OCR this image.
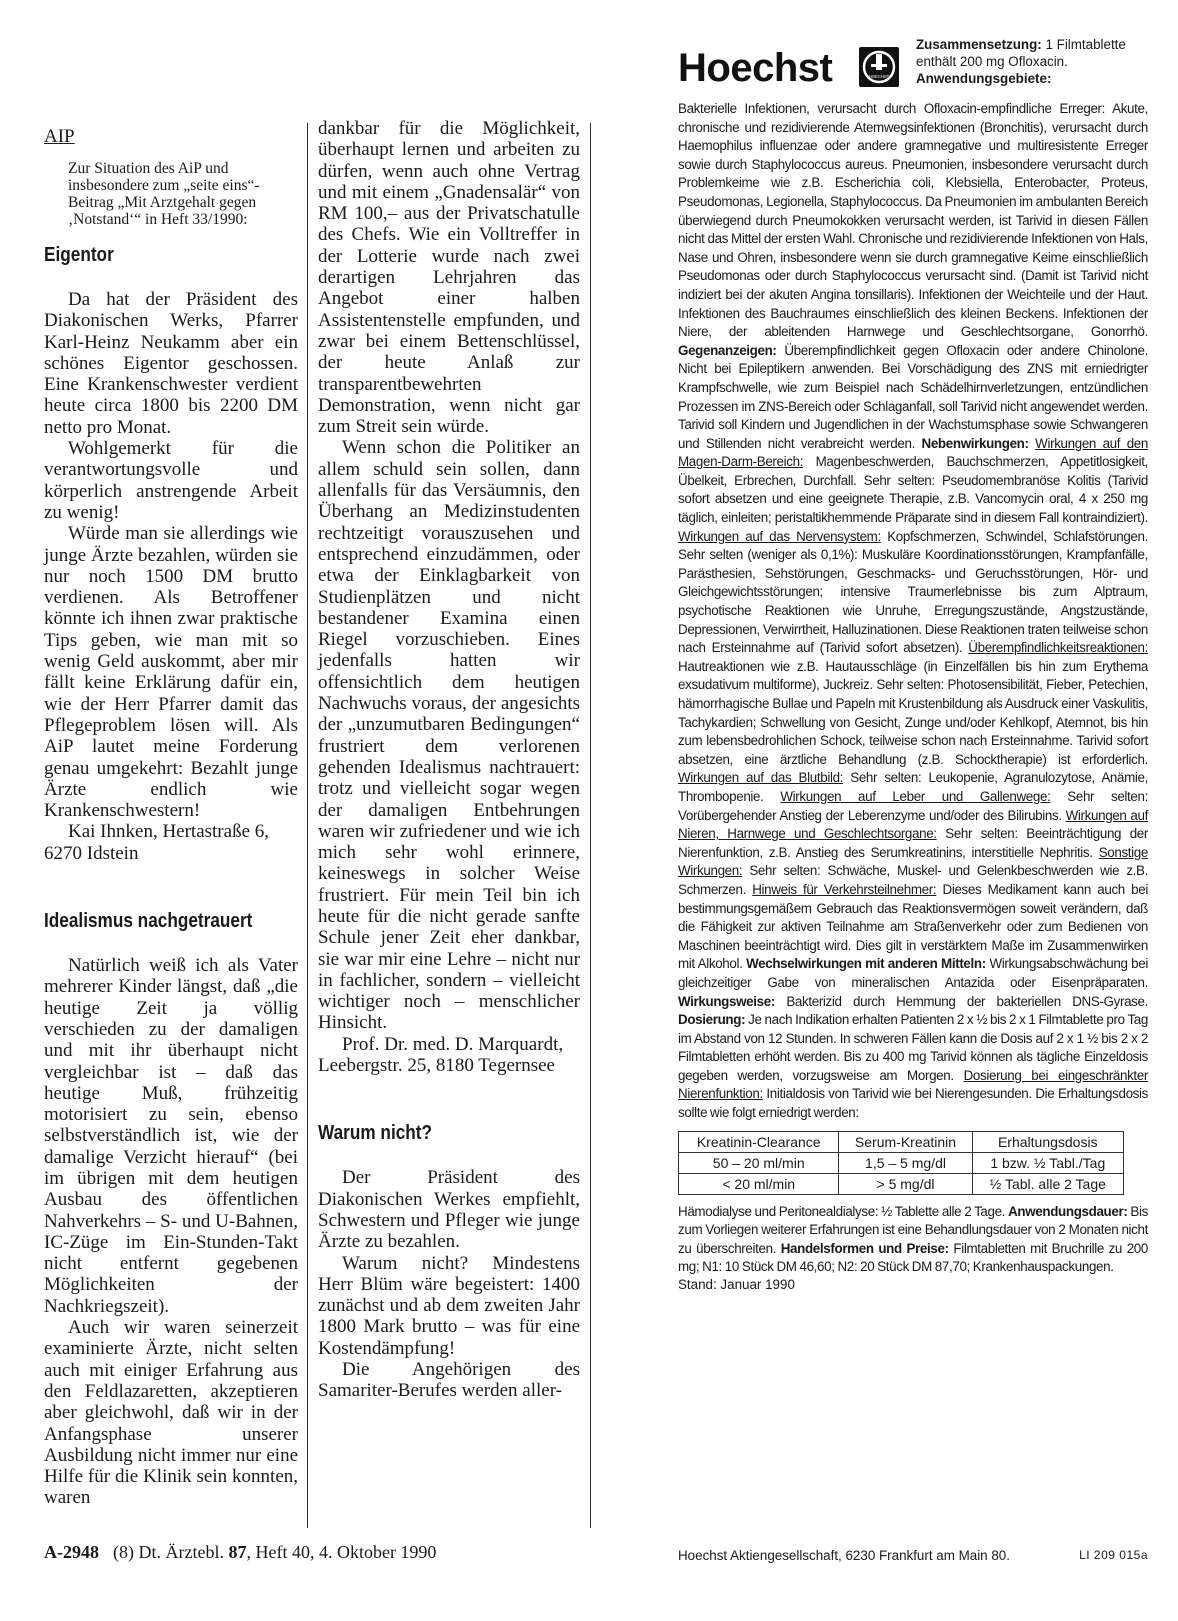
AIP

Zur Situation des AiP und insbesondere zum „seite eins“-Beitrag „Mit Arztgehalt gegen ‚Notstand‘“ in Heft 33/1990:

Eigentor

Da hat der Präsident des Diakonischen Werks, Pfarrer Karl-Heinz Neukamm aber ein schönes Eigentor geschossen. Eine Krankenschwester verdient heute circa 1800 bis 2200 DM netto pro Monat.

Wohlgemerkt für die verantwortungsvolle und körperlich anstrengende Arbeit zu wenig!

Würde man sie allerdings wie junge Ärzte bezahlen, würden sie nur noch 1500 DM brutto verdienen. Als Betroffener könnte ich ihnen zwar praktische Tips geben, wie man mit so wenig Geld auskommt, aber mir fällt keine Erklärung dafür ein, wie der Herr Pfarrer damit das Pflegeproblem lösen will. Als AiP lautet meine Forderung genau umgekehrt: Bezahlt junge Ärzte endlich wie Krankenschwestern!

Kai Ihnken, Hertastraße 6, 6270 Idstein

Idealismus nachgetrauert

Natürlich weiß ich als Vater mehrerer Kinder längst, daß „die heutige Zeit ja völlig verschieden zu der damaligen und mit ihr überhaupt nicht vergleichbar ist – daß das heutige Muß, frühzeitig motorisiert zu sein, ebenso selbstverständlich ist, wie der damalige Verzicht hierauf“ (bei im übrigen mit dem heutigen Ausbau des öffentlichen Nahverkehrs – S- und U-Bahnen, IC-Züge im Ein-Stunden-Takt nicht entfernt gegebenen Möglichkeiten der Nachkriegszeit).

Auch wir waren seinerzeit examinierte Ärzte, nicht selten auch mit einiger Erfahrung aus den Feldlazaretten, akzeptieren aber gleichwohl, daß wir in der Anfangsphase unserer Ausbildung nicht immer nur eine Hilfe für die Klinik sein konnten, waren

dankbar für die Möglichkeit, überhaupt lernen und arbeiten zu dürfen, wenn auch ohne Vertrag und mit einem „Gnadensalär“ von RM 100,– aus der Privatschatulle des Chefs. Wie ein Volltreffer in der Lotterie wurde nach zwei derartigen Lehrjahren das Angebot einer halben Assistentenstelle empfunden, und zwar bei einem Bettenschlüssel, der heute Anlaß zur transparentbewehrten Demonstration, wenn nicht gar zum Streit sein würde.

Wenn schon die Politiker an allem schuld sein sollen, dann allenfalls für das Versäumnis, den Überhang an Medizinstudenten rechtzeitigt vorauszusehen und entsprechend einzudämmen, oder etwa der Einklagbarkeit von Studienplätzen und nicht bestandener Examina einen Riegel vorzuschieben. Eines jedenfalls hatten wir offensichtlich dem heutigen Nachwuchs voraus, der angesichts der „unzumutbaren Bedingungen“ frustriert dem verlorenen gehenden Idealismus nachtrauert: trotz und vielleicht sogar wegen der damaligen Entbehrungen waren wir zufriedener und wie ich mich sehr wohl erinnere, keineswegs in solcher Weise frustriert. Für mein Teil bin ich heute für die nicht gerade sanfte Schule jener Zeit eher dankbar, sie war mir eine Lehre – nicht nur in fachlicher, sondern – vielleicht wichtiger noch – menschlicher Hinsicht.

Prof. Dr. med. D. Marquardt, Leebergstr. 25, 8180 Tegernsee

Warum nicht?

Der Präsident des Diakonischen Werkes empfiehlt, Schwestern und Pfleger wie junge Ärzte zu bezahlen.

Warum nicht? Mindestens Herr Blüm wäre begeistert: 1400 zunächst und ab dem zweiten Jahr 1800 Mark brutto – was für eine Kostendämpfung!

Die Angehörigen des Samariter-Berufes werden aller-

Hoechst	HOECHST
Zusammensetzung: 1 Filmtablette enthält 200 mg Ofloxacin. Anwendungsgebiete:
Bakterielle Infektionen, verursacht durch Ofloxacin-empfindliche Erreger: Akute, chronische und rezidivierende Atemwegsinfektionen (Bronchitis), verursacht durch Haemophilus influenzae oder andere gramnegative und multiresistente Erreger sowie durch Staphylococcus aureus. Pneumonien, insbesondere verursacht durch Problemkeime wie z.B. Escherichia coli, Klebsiella, Enterobacter, Proteus, Pseudomonas, Legionella, Staphylococcus. Da Pneumonien im ambulanten Bereich überwiegend durch Pneumokokken verursacht werden, ist Tarivid in diesen Fällen nicht das Mittel der ersten Wahl. Chronische und rezidivierende Infektionen von Hals, Nase und Ohren, insbesondere wenn sie durch gramnegative Keime einschließlich Pseudomonas oder durch Staphylococcus verursacht sind. (Damit ist Tarivid nicht indiziert bei der akuten Angina tonsillaris). Infektionen der Weichteile und der Haut. Infektionen des Bauchraumes einschließlich des kleinen Beckens. Infektionen der Niere, der ableitenden Harnwege und Geschlechtsorgane, Gonorrhö. Gegenanzeigen: Überempfindlichkeit gegen Ofloxacin oder andere Chinolone. Nicht bei Epileptikern anwenden. Bei Vorschädigung des ZNS mit erniedrigter Krampfschwelle, wie zum Beispiel nach Schädelhirnverletzungen, entzündlichen Prozessen im ZNS-Bereich oder Schlaganfall, soll Tarivid nicht angewendet werden. Tarivid soll Kindern und Jugendlichen in der Wachstumsphase sowie Schwangeren und Stillenden nicht verabreicht werden. Nebenwirkungen: Wirkungen auf den Magen-Darm-Bereich: Magenbeschwerden, Bauchschmerzen, Appetitlosigkeit, Übelkeit, Erbrechen, Durchfall. Sehr selten: Pseudomembranöse Kolitis (Tarivid sofort absetzen und eine geeignete Therapie, z.B. Vancomycin oral, 4 x 250 mg täglich, einleiten; peristaltikhemmende Präparate sind in diesem Fall kontraindiziert). Wirkungen auf das Nervensystem: Kopfschmerzen, Schwindel, Schlafstörungen. Sehr selten (weniger als 0,1%): Muskuläre Koordinationsstörungen, Krampfanfälle, Parästhesien, Sehstörungen, Geschmacks- und Geruchsstörungen, Hör- und Gleichgewichtsstörungen; intensive Traumerlebnisse bis zum Alptraum, psychotische Reaktionen wie Unruhe, Erregungszustände, Angstzustände, Depressionen, Verwirrtheit, Halluzinationen. Diese Reaktionen traten teilweise schon nach Ersteinnahme auf (Tarivid sofort absetzen). Überempfindlichkeitsreaktionen: Hautreaktionen wie z.B. Hautausschläge (in Einzelfällen bis hin zum Erythema exsudativum multiforme), Juckreiz. Sehr selten: Photosensibilität, Fieber, Petechien, hämorrhagische Bullae und Papeln mit Krustenbildung als Ausdruck einer Vaskulitis, Tachykardien; Schwellung von Gesicht, Zunge und/oder Kehlkopf, Atemnot, bis hin zum lebensbedrohlichen Schock, teilweise schon nach Ersteinnahme. Tarivid sofort absetzen, eine ärztliche Behandlung (z.B. Schocktherapie) ist erforderlich. Wirkungen auf das Blutbild: Sehr selten: Leukopenie, Agranulozytose, Anämie, Thrombopenie. Wirkungen auf Leber und Gallenwege: Sehr selten: Vorübergehender Anstieg der Leberenzyme und/oder des Bilirubins. Wirkungen auf Nieren, Harnwege und Geschlechtsorgane: Sehr selten: Beeinträchtigung der Nierenfunktion, z.B. Anstieg des Serumkreatinins, interstitielle Nephritis. Sonstige Wirkungen: Sehr selten: Schwäche, Muskel- und Gelenkbeschwerden wie z.B. Schmerzen. Hinweis für Verkehrsteilnehmer: Dieses Medikament kann auch bei bestimmungsgemäßem Gebrauch das Reaktionsvermögen soweit verändern, daß die Fähigkeit zur aktiven Teilnahme am Straßenverkehr oder zum Bedienen von Maschinen beeinträchtigt wird. Dies gilt in verstärktem Maße im Zusammenwirken mit Alkohol. Wechselwirkungen mit anderen Mitteln: Wirkungsabschwächung bei gleichzeitiger Gabe von mineralischen Antazida oder Eisenpräparaten. Wirkungsweise: Bakterizid durch Hemmung der bakteriellen DNS-Gyrase. Dosierung: Je nach Indikation erhalten Patienten 2 x ½ bis 2 x 1 Filmtablette pro Tag im Abstand von 12 Stunden. In schweren Fällen kann die Dosis auf 2 x 1 ½ bis 2 x 2 Filmtabletten erhöht werden. Bis zu 400 mg Tarivid können als tägliche Einzeldosis gegeben werden, vorzugsweise am Morgen. Dosierung bei eingeschränkter Nierenfunktion: Initialdosis von Tarivid wie bei Nierengesunden. Die Erhaltungsdosis sollte wie folgt erniedrigt werden:
Kreatinin-Clearance	Serum-Kreatinin	Erhaltungsdosis
50 – 20 ml/min	1,5 – 5 mg/dl	1 bzw. ½ Tabl./Tag
< 20 ml/min	> 5 mg/dl	½ Tabl. alle 2 Tage
Hämodialyse und Peritonealdialyse: ½ Tablette alle 2 Tage. Anwendungsdauer: Bis zum Vorliegen weiterer Erfahrungen ist eine Behandlungsdauer von 2 Monaten nicht zu überschreiten. Handelsformen und Preise: Filmtabletten mit Bruchrille zu 200 mg; N1: 10 Stück DM 46,60; N2: 20 Stück DM 87,70; Krankenhauspackungen.
Stand: Januar 1990
A-2948 (8) Dt. Ärztebl. 87, Heft 40, 4. Oktober 1990	Hoechst Aktiengesellschaft, 6230 Frankfurt am Main 80.	LI 209 015a
